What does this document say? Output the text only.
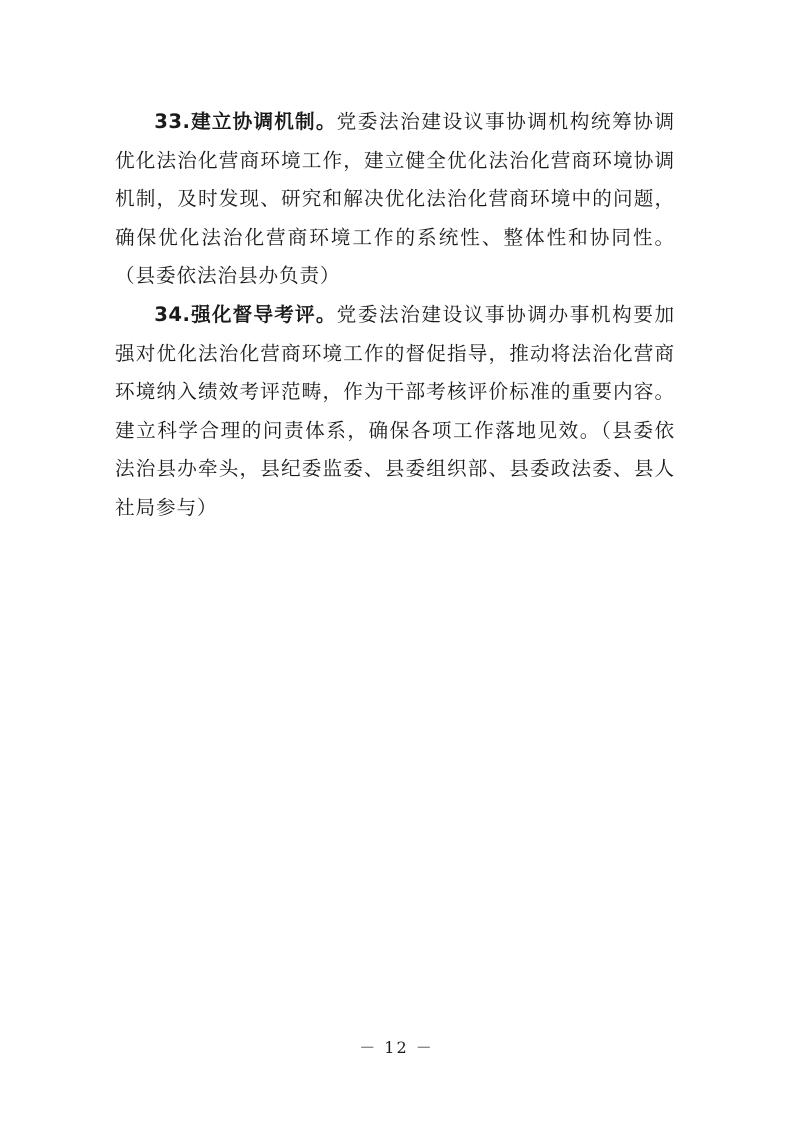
33.建立协调机制。党委法治建设议事协调机构统筹协调优化法治化营商环境工作，建立健全优化法治化营商环境协调机制，及时发现、研究和解决优化法治化营商环境中的问题，确保优化法治化营商环境工作的系统性、整体性和协同性。（县委依法治县办负责）

34.强化督导考评。党委法治建设议事协调办事机构要加强对优化法治化营商环境工作的督促指导，推动将法治化营商环境纳入绩效考评范畴，作为干部考核评价标准的重要内容。建立科学合理的问责体系，确保各项工作落地见效。（县委依法治县办牵头，县纪委监委、县委组织部、县委政法委、县人社局参与）

－ 12 －
